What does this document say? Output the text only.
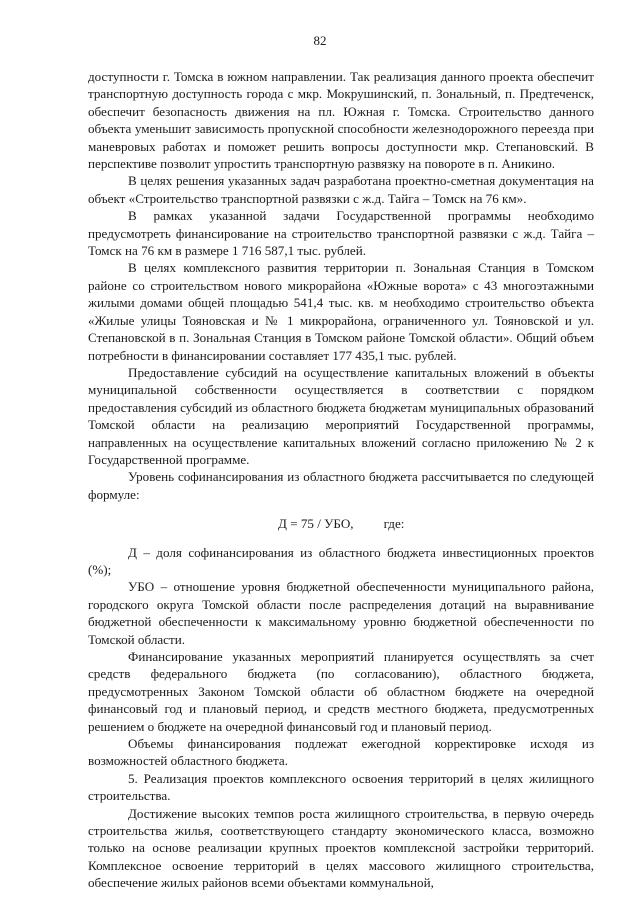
82

доступности г. Томска в южном направлении. Так реализация данного проекта обеспечит транспортную доступность города с мкр. Мокрушинский, п. Зональный, п. Предтеченск, обеспечит безопасность движения на пл. Южная г. Томска. Строительство данного объекта уменьшит зависимость пропускной способности железнодорожного переезда при маневровых работах и поможет решить вопросы доступности мкр. Степановский. В перспективе позволит упростить транспортную развязку на повороте в п. Аникино.

В целях решения указанных задач разработана проектно-сметная документация на объект «Строительство транспортной развязки с ж.д. Тайга – Томск на 76 км».

В рамках указанной задачи Государственной программы необходимо предусмотреть финансирование на строительство транспортной развязки с ж.д. Тайга – Томск на 76 км в размере 1 716 587,1 тыс. рублей.

В целях комплексного развития территории п. Зональная Станция в Томском районе со строительством нового микрорайона «Южные ворота» с 43 многоэтажными жилыми домами общей площадью 541,4 тыс. кв. м необходимо строительство объекта «Жилые улицы Тояновская и № 1 микрорайона, ограниченного ул. Тояновской и ул. Степановской в п. Зональная Станция в Томском районе Томской области». Общий объем потребности в финансировании составляет 177 435,1 тыс. рублей.

Предоставление субсидий на осуществление капитальных вложений в объекты муниципальной собственности осуществляется в соответствии с порядком предоставления субсидий из областного бюджета бюджетам муниципальных образований Томской области на реализацию мероприятий Государственной программы, направленных на осуществление капитальных вложений согласно приложению № 2 к Государственной программе.

Уровень софинансирования из областного бюджета рассчитывается по следующей формуле:

Д = 75 / УБО, где:

Д – доля софинансирования из областного бюджета инвестиционных проектов (%);

УБО – отношение уровня бюджетной обеспеченности муниципального района, городского округа Томской области после распределения дотаций на выравнивание бюджетной обеспеченности к максимальному уровню бюджетной обеспеченности по Томской области.

Финансирование указанных мероприятий планируется осуществлять за счет средств федерального бюджета (по согласованию), областного бюджета, предусмотренных Законом Томской области об областном бюджете на очередной финансовый год и плановый период, и средств местного бюджета, предусмотренных решением о бюджете на очередной финансовый год и плановый период.

Объемы финансирования подлежат ежегодной корректировке исходя из возможностей областного бюджета.

5. Реализация проектов комплексного освоения территорий в целях жилищного строительства.

Достижение высоких темпов роста жилищного строительства, в первую очередь строительства жилья, соответствующего стандарту экономического класса, возможно только на основе реализации крупных проектов комплексной застройки территорий. Комплексное освоение территорий в целях массового жилищного строительства, обеспечение жилых районов всеми объектами коммунальной,
